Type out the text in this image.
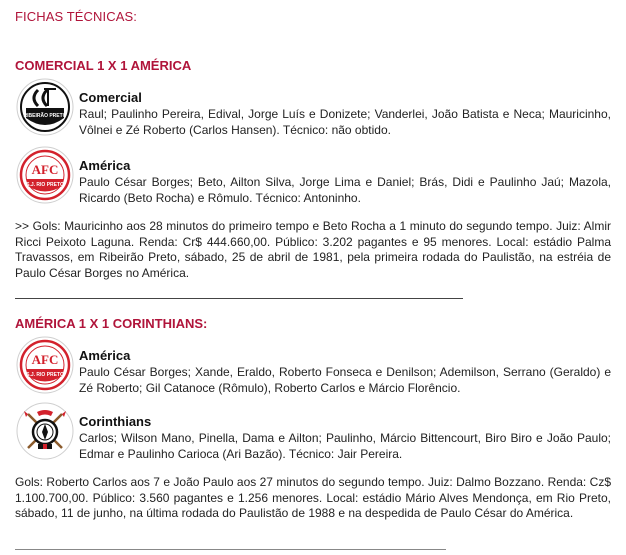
FICHAS TÉCNICAS:
COMERCIAL 1 X 1 AMÉRICA
RIBEIRÃO PRETO
Comercial
Raul; Paulinho Pereira, Edival, Jorge Luís e Donizete; Vanderlei, João Batista e Neca; Mauricinho, Vôlnei e Zé Roberto (Carlos Hansen). Técnico: não obtido.
AFC
S.J. RIO PRETO
América
Paulo César Borges; Beto, Ailton Silva, Jorge Lima e Daniel; Brás, Didi e Paulinho Jaú; Mazola, Ricardo (Beto Rocha) e Rômulo. Técnico: Antoninho.

>> Gols: Mauricinho aos 28 minutos do primeiro tempo e Beto Rocha a 1 minuto do segundo tempo. Juiz: Almir Ricci Peixoto Laguna. Renda: Cr$ 444.660,00. Público: 3.202 pagantes e 95 menores. Local: estádio Palma Travassos, em Ribeirão Preto, sábado, 25 de abril de 1981, pela primeira rodada do Paulistão, na estréia de Paulo César Borges no América.

AMÉRICA 1 X 1 CORINTHIANS:
AFC
S.J. RIO PRETO
América
Paulo César Borges; Xande, Eraldo, Roberto Fonseca e Denilson; Ademilson, Serrano (Geraldo) e Zé Roberto; Gil Catanoce (Rômulo), Roberto Carlos e Márcio Florêncio.
Corinthians
Carlos; Wilson Mano, Pinella, Dama e Ailton; Paulinho, Márcio Bittencourt, Biro Biro e João Paulo; Edmar e Paulinho Carioca (Ari Bazão). Técnico: Jair Pereira.

Gols: Roberto Carlos aos 7 e João Paulo aos 27 minutos do segundo tempo. Juiz: Dalmo Bozzano. Renda: Cz$ 1.100.700,00. Público: 3.560 pagantes e 1.256 menores. Local: estádio Mário Alves Mendonça, em Rio Preto, sábado, 11 de junho, na última rodada do Paulistão de 1988 e na despedida de Paulo César do América.
